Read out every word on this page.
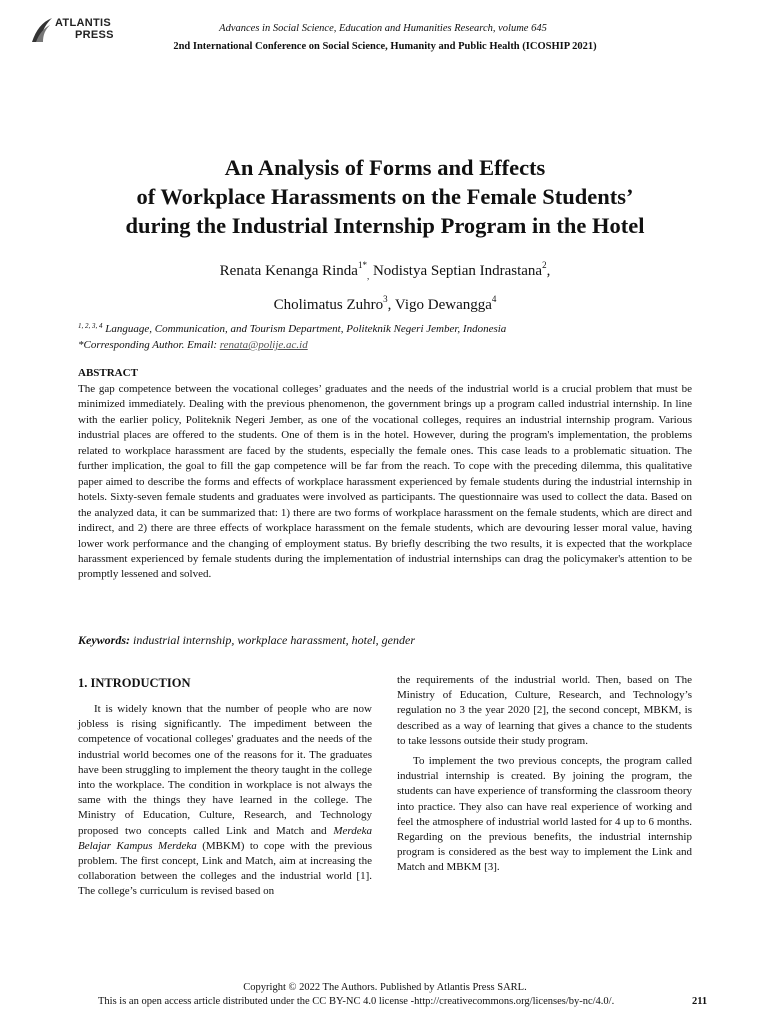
ATLANTIS
PRESS
Advances in Social Science, Education and Humanities Research, volume 645
2nd International Conference on Social Science, Humanity and Public Health (ICOSHIP 2021)
An Analysis of Forms and Effects
of Workplace Harassments on the Female Students’
during the Industrial Internship Program in the Hotel
Renata Kenanga Rinda$^{1*}_,$ Nodistya Septian Indrastana$^2$,
Cholimatus Zuhro$^3$, Vigo Dewangga$^4$
$^{1, 2, 3, 4}$ Language, Communication, and Tourism Department, Politeknik Negeri Jember, Indonesia
*Corresponding Author. Email: renata@polije.ac.id
ABSTRACT
The gap competence between the vocational colleges’ graduates and the needs of the industrial world is a crucial problem that must be minimized immediately. Dealing with the previous phenomenon, the government brings up a program called industrial internship. In line with the earlier policy, Politeknik Negeri Jember, as one of the vocational colleges, requires an industrial internship program. Various industrial places are offered to the students. One of them is in the hotel. However, during the program's implementation, the problems related to workplace harassment are faced by the students, especially the female ones. This case leads to a problematic situation. The further implication, the goal to fill the gap competence will be far from the reach. To cope with the preceding dilemma, this qualitative paper aimed to describe the forms and effects of workplace harassment experienced by female students during the industrial internship in hotels. Sixty-seven female students and graduates were involved as participants. The questionnaire was used to collect the data. Based on the analyzed data, it can be summarized that: 1) there are two forms of workplace harassment on the female students, which are direct and indirect, and 2) there are three effects of workplace harassment on the female students, which are devouring lesser moral value, having lower work performance and the changing of employment status. By briefly describing the two results, it is expected that the workplace harassment experienced by female students during the implementation of industrial internships can drag the policymaker's attention to be promptly lessened and solved.
Keywords: industrial internship, workplace harassment, hotel, gender
1. INTRODUCTION

It is widely known that the number of people who are now jobless is rising significantly. The impediment between the competence of vocational colleges' graduates and the needs of the industrial world becomes one of the reasons for it. The graduates have been struggling to implement the theory taught in the college into the workplace. The condition in workplace is not always the same with the things they have learned in the college. The Ministry of Education, Culture, Research, and Technology proposed two concepts called Link and Match and Merdeka Belajar Kampus Merdeka (MBKM) to cope with the previous problem. The first concept, Link and Match, aim at increasing the collaboration between the colleges and the industrial world [1]. The college’s curriculum is revised based on

the requirements of the industrial world. Then, based on The Ministry of Education, Culture, Research, and Technology’s regulation no 3 the year 2020 [2], the second concept, MBKM, is described as a way of learning that gives a chance to the students to take lessons outside their study program.

To implement the two previous concepts, the program called industrial internship is created. By joining the program, the students can have experience of transforming the classroom theory into practice. They also can have real experience of working and feel the atmosphere of industrial world lasted for 4 up to 6 months. Regarding on the previous benefits, the industrial internship program is considered as the best way to implement the Link and Match and MBKM [3].

Copyright © 2022 The Authors. Published by Atlantis Press SARL.
This is an open access article distributed under the CC BY-NC 4.0 license -http://creativecommons.org/licenses/by-nc/4.0/.	211
